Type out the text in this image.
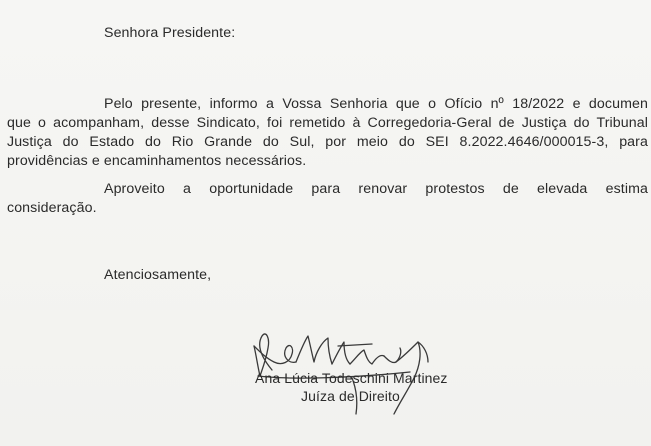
Senhora Presidente:
Pelo presente, informo a Vossa Senhoria que o Ofício nº 18/2022 e documen
que o acompanham, desse Sindicato, foi remetido à Corregedoria-Geral de Justiça do Tribunal
Justiça do Estado do Rio Grande do Sul, por meio do SEI 8.2022.4646/000015-3, para
providências e encaminhamentos necessários.
Aproveito a oportunidade para renovar protestos de elevada estima
consideração.
Atenciosamente,
Ana Lúcia Todeschini Martinez
Juíza de Direito
